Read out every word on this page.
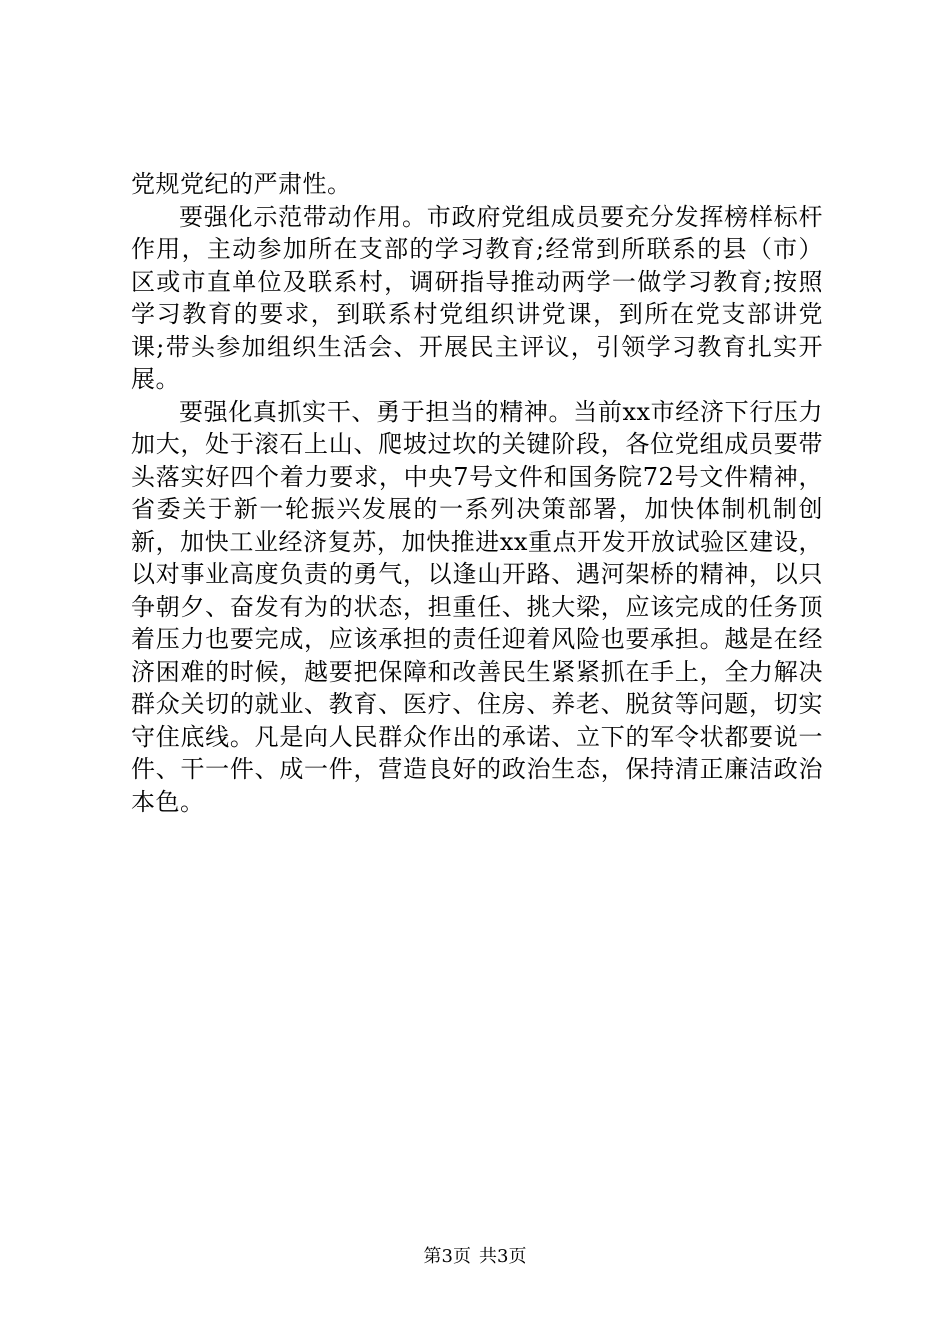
党规党纪的严肃性。

要强化示范带动作用。市政府党组成员要充分发挥榜样标杆作用，主动参加所在支部的学习教育;经常到所联系的县（市）区或市直单位及联系村，调研指导推动两学一做学习教育;按照学习教育的要求，到联系村党组织讲党课，到所在党支部讲党课;带头参加组织生活会、开展民主评议，引领学习教育扎实开展。

要强化真抓实干、勇于担当的精神。当前xx市经济下行压力加大，处于滚石上山、爬坡过坎的关键阶段，各位党组成员要带头落实好四个着力要求，中央7号文件和国务院72号文件精神，省委关于新一轮振兴发展的一系列决策部署，加快体制机制创新，加快工业经济复苏，加快推进xx重点开发开放试验区建设，以对事业高度负责的勇气，以逢山开路、遇河架桥的精神，以只争朝夕、奋发有为的状态，担重任、挑大梁，应该完成的任务顶着压力也要完成，应该承担的责任迎着风险也要承担。越是在经济困难的时候，越要把保障和改善民生紧紧抓在手上，全力解决群众关切的就业、教育、医疗、住房、养老、脱贫等问题，切实守住底线。凡是向人民群众作出的承诺、立下的军令状都要说一件、干一件、成一件，营造良好的政治生态，保持清正廉洁政治本色。

第3页 共3页
